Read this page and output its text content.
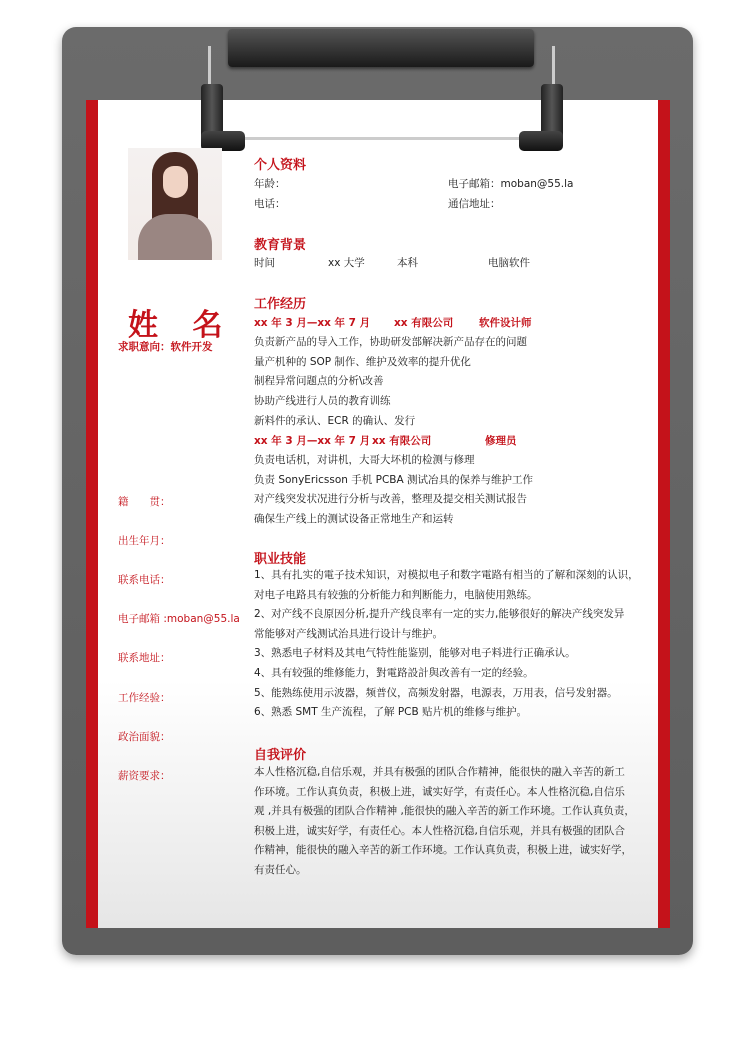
姓 名
求职意向：软件开发
籍　　贯：
出生年月：
联系电话：
电子邮箱 :moban@55.la
联系地址：
工作经验：
政治面貌：
薪资要求：
个人资料
年龄：	电子邮箱：moban@55.la
电话：	通信地址：
教育背景
时间	xx 大学	本科	电脑软件
工作经历
xx 年 3 月—xx 年 7 月 xx 有限公司 软件设计师
负责新产品的导入工作，协助研发部解决新产品存在的问题
量产机种的 SOP 制作、维护及效率的提升优化
制程异常问题点的分析\改善
协助产线进行人员的教育训练
新料件的承认、ECR 的确认、发行
xx 年 3 月—xx 年 7 月 xx 有限公司	修理员
负责电话机，对讲机，大哥大坏机的检测与修理
负责 SonyEricsson 手机 PCBA 测试冶具的保养与维护工作
对产线突发状况进行分析与改善，整理及提交相关测试报告
确保生产线上的测试设备正常地生产和运转
职业技能
1、具有扎实的電子技术知识，对模拟电子和数字電路有相当的了解和深刻的认识，
对电子电路具有较強的分析能力和判断能力，电脑使用熟练。
2、对产线不良原因分析,提升产线良率有一定的实力,能够很好的解决产线突发异
常能够对产线测试治具进行设计与维护。
3、熟悉电子材料及其电气特性能鉴别，能够对电子料进行正确承认。
4、具有较强的维修能力，對電路設計與改善有一定的经验。
5、能熟练使用示波器，频普仪，高频发射器，电源表，万用表，信号发射器。
6、熟悉 SMT 生产流程，了解 PCB 贴片机的维修与维护。
自我评价
本人性格沉稳,自信乐观，并具有极强的团队合作精神，能很快的融入辛苦的新工
作环境。工作认真负责，积极上进，诚实好学，有责任心。本人性格沉稳,自信乐
观 ,并具有极强的团队合作精神 ,能很快的融入辛苦的新工作环境。工作认真负责，
积极上进，诚实好学，有责任心。本人性格沉稳,自信乐观，并具有极强的团队合
作精神，能很快的融入辛苦的新工作环境。工作认真负责，积极上进，诚实好学，
有责任心。
